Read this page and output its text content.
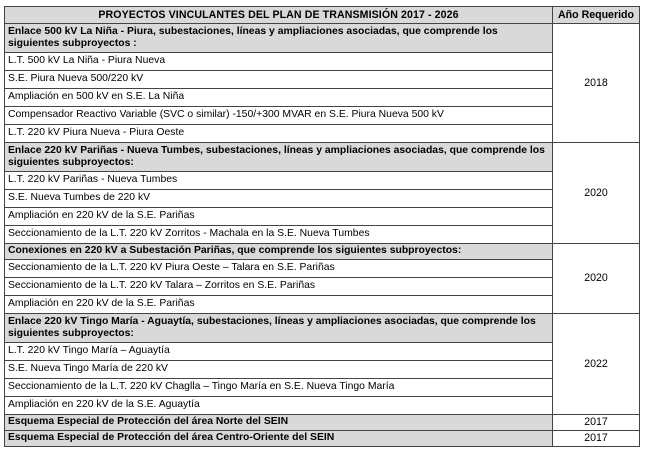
PROYECTOS VINCULANTES DEL PLAN DE TRANSMISIÓN 2017 - 2026	Año Requerido
Enlace 500 kV La Niña - Piura, subestaciones, líneas y ampliaciones asociadas, que comprende los siguientes subproyectos :	2018
L.T. 500 kV La Niña - Piura Nueva	
S.E. Piura Nueva 500/220 kV	
Ampliación en 500 kV en S.E. La Niña	
Compensador Reactivo Variable (SVC o similar) -150/+300 MVAR en S.E. Piura Nueva 500 kV	
L.T. 220 kV Piura Nueva - Piura Oeste	
Enlace 220 kV Pariñas - Nueva Tumbes, subestaciones, líneas y ampliaciones asociadas, que comprende los siguientes subproyectos:	2020
L.T. 220 kV Pariñas - Nueva Tumbes	
S.E. Nueva Tumbes de 220 kV	
Ampliación en 220 kV de la S.E. Pariñas	
Seccionamiento de la L.T. 220 kV Zorritos - Machala en la S.E. Nueva Tumbes	
Conexiones en 220 kV a Subestación Pariñas, que comprende los siguientes subproyectos:	2020
Seccionamiento de la L.T. 220 kV Piura Oeste – Talara en S.E. Pariñas	
Seccionamiento de la L.T. 220 kV Talara – Zorritos en S.E. Pariñas	
Ampliación en 220 kV de la S.E. Pariñas	
Enlace 220 kV Tingo María - Aguaytía, subestaciones, líneas y ampliaciones asociadas, que comprende los siguientes subproyectos:	2022
L.T. 220 kV Tingo María – Aguaytía	
S.E. Nueva Tingo María de 220 kV	
Seccionamiento de la L.T. 220 kV Chaglla – Tingo María en S.E. Nueva Tingo María	
Ampliación en 220 kV de la S.E. Aguaytía	
Esquema Especial de Protección del área Norte del SEIN	2017
Esquema Especial de Protección del área Centro-Oriente del SEIN	2017
